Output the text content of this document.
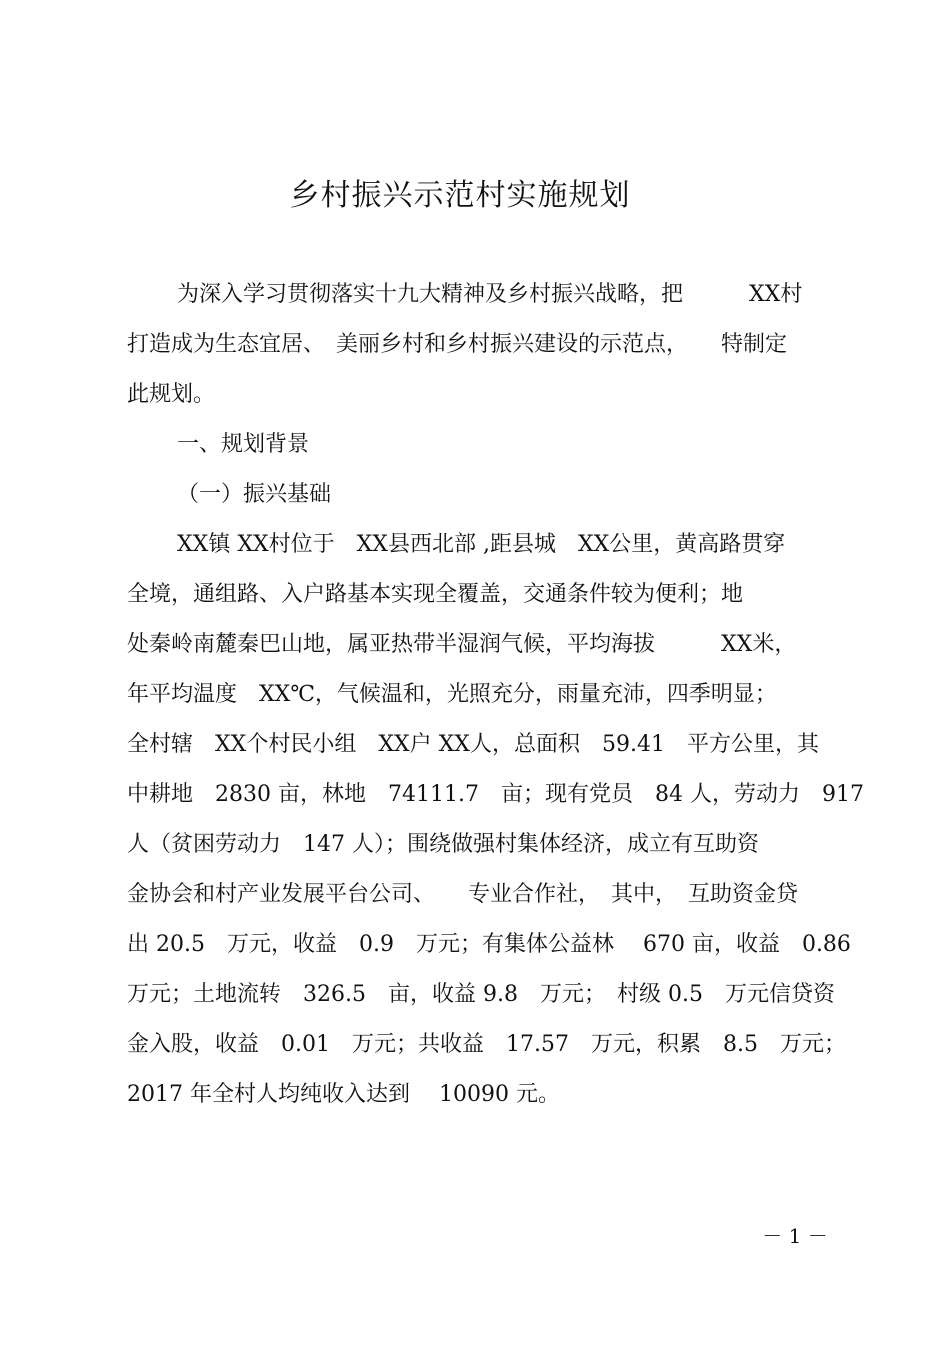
乡村振兴示范村实施规划
为深入学习贯彻落实十九大精神及乡村振兴战略，把　　　XX村
打造成为生态宜居、　美丽乡村和乡村振兴建设的示范点，　　特制定
此规划。
一、规划背景
（一）振兴基础
XX镇 XX村位于　XX县西北部 ,距县城　XX公里，黄高路贯穿
全境，通组路、入户路基本实现全覆盖，交通条件较为便利；地
处秦岭南麓秦巴山地，属亚热带半湿润气候，平均海拔　　　XX米，
年平均温度　XX℃，气候温和，光照充分，雨量充沛，四季明显；
全村辖　XX个村民小组　XX户 XX人，总面积　59.41　平方公里，其
中耕地　2830 亩，林地　74111.7　亩；现有党员　84 人，劳动力　917
人（贫困劳动力　147 人）；围绕做强村集体经济，成立有互助资
金协会和村产业发展平台公司、　　专业合作社，　其中，　互助资金贷
出 20.5　万元，收益　0.9　万元；有集体公益林　 670 亩，收益　0.86
万元；土地流转　326.5　亩，收益 9.8　万元；　村级 0.5　万元信贷资
金入股，收益　0.01　万元；共收益　17.57　万元，积累　8.5　万元；
2017 年全村人均纯收入达到　 10090 元。
－ 1 －
